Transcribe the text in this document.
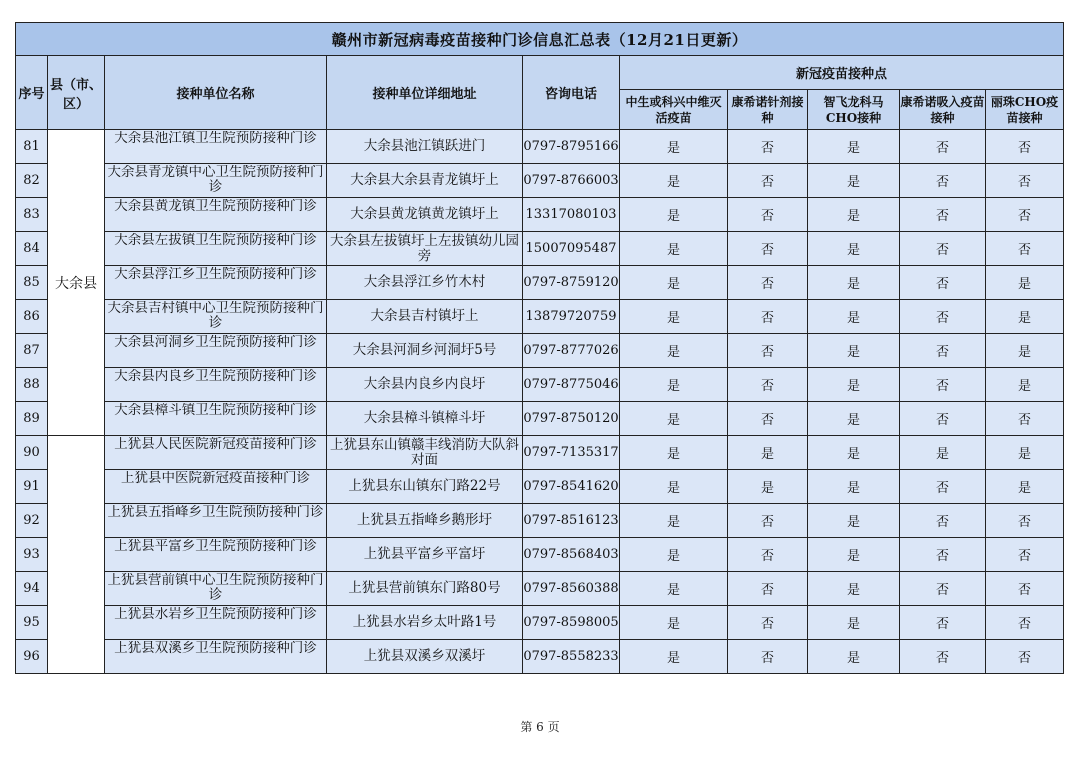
赣州市新冠病毒疫苗接种门诊信息汇总表（12月21日更新）									
序号	县（市、区）	接种单位名称	接种单位详细地址	咨询电话	新冠疫苗接种点				
					中生或科兴中维灭活疫苗	康希诺针剂接种	智飞龙科马CHO接种	康希诺吸入疫苗接种	丽珠CHO疫苗接种
81	大余县	大余县池江镇卫生院预防接种门诊	大余县池江镇跃进门	0797-8795166	是	否	是	否	否
82		大余县青龙镇中心卫生院预防接种门诊	大余县大余县青龙镇圩上	0797-8766003	是	否	是	否	否
83		大余县黄龙镇卫生院预防接种门诊	大余县黄龙镇黄龙镇圩上	13317080103	是	否	是	否	否
84		大余县左拔镇卫生院预防接种门诊	大余县左拔镇圩上左拔镇幼儿园旁	15007095487	是	否	是	否	否
85		大余县浮江乡卫生院预防接种门诊	大余县浮江乡竹木村	0797-8759120	是	否	是	否	是
86		大余县吉村镇中心卫生院预防接种门诊	大余县吉村镇圩上	13879720759	是	否	是	否	是
87		大余县河洞乡卫生院预防接种门诊	大余县河洞乡河洞圩5号	0797-8777026	是	否	是	否	是
88		大余县内良乡卫生院预防接种门诊	大余县内良乡内良圩	0797-8775046	是	否	是	否	是
89		大余县樟斗镇卫生院预防接种门诊	大余县樟斗镇樟斗圩	0797-8750120	是	否	是	否	否
90		上犹县人民医院新冠疫苗接种门诊	上犹县东山镇赣丰线消防大队斜对面	0797-7135317	是	是	是	是	是
91		上犹县中医院新冠疫苗接种门诊	上犹县东山镇东门路22号	0797-8541620	是	是	是	否	是
92		上犹县五指峰乡卫生院预防接种门诊	上犹县五指峰乡鹅形圩	0797-8516123	是	否	是	否	否
93		上犹县平富乡卫生院预防接种门诊	上犹县平富乡平富圩	0797-8568403	是	否	是	否	否
94		上犹县营前镇中心卫生院预防接种门诊	上犹县营前镇东门路80号	0797-8560388	是	否	是	否	否
95		上犹县水岩乡卫生院预防接种门诊	上犹县水岩乡太叶路1号	0797-8598005	是	否	是	否	否
96		上犹县双溪乡卫生院预防接种门诊	上犹县双溪乡双溪圩	0797-8558233	是	否	是	否	否
第 6 页
